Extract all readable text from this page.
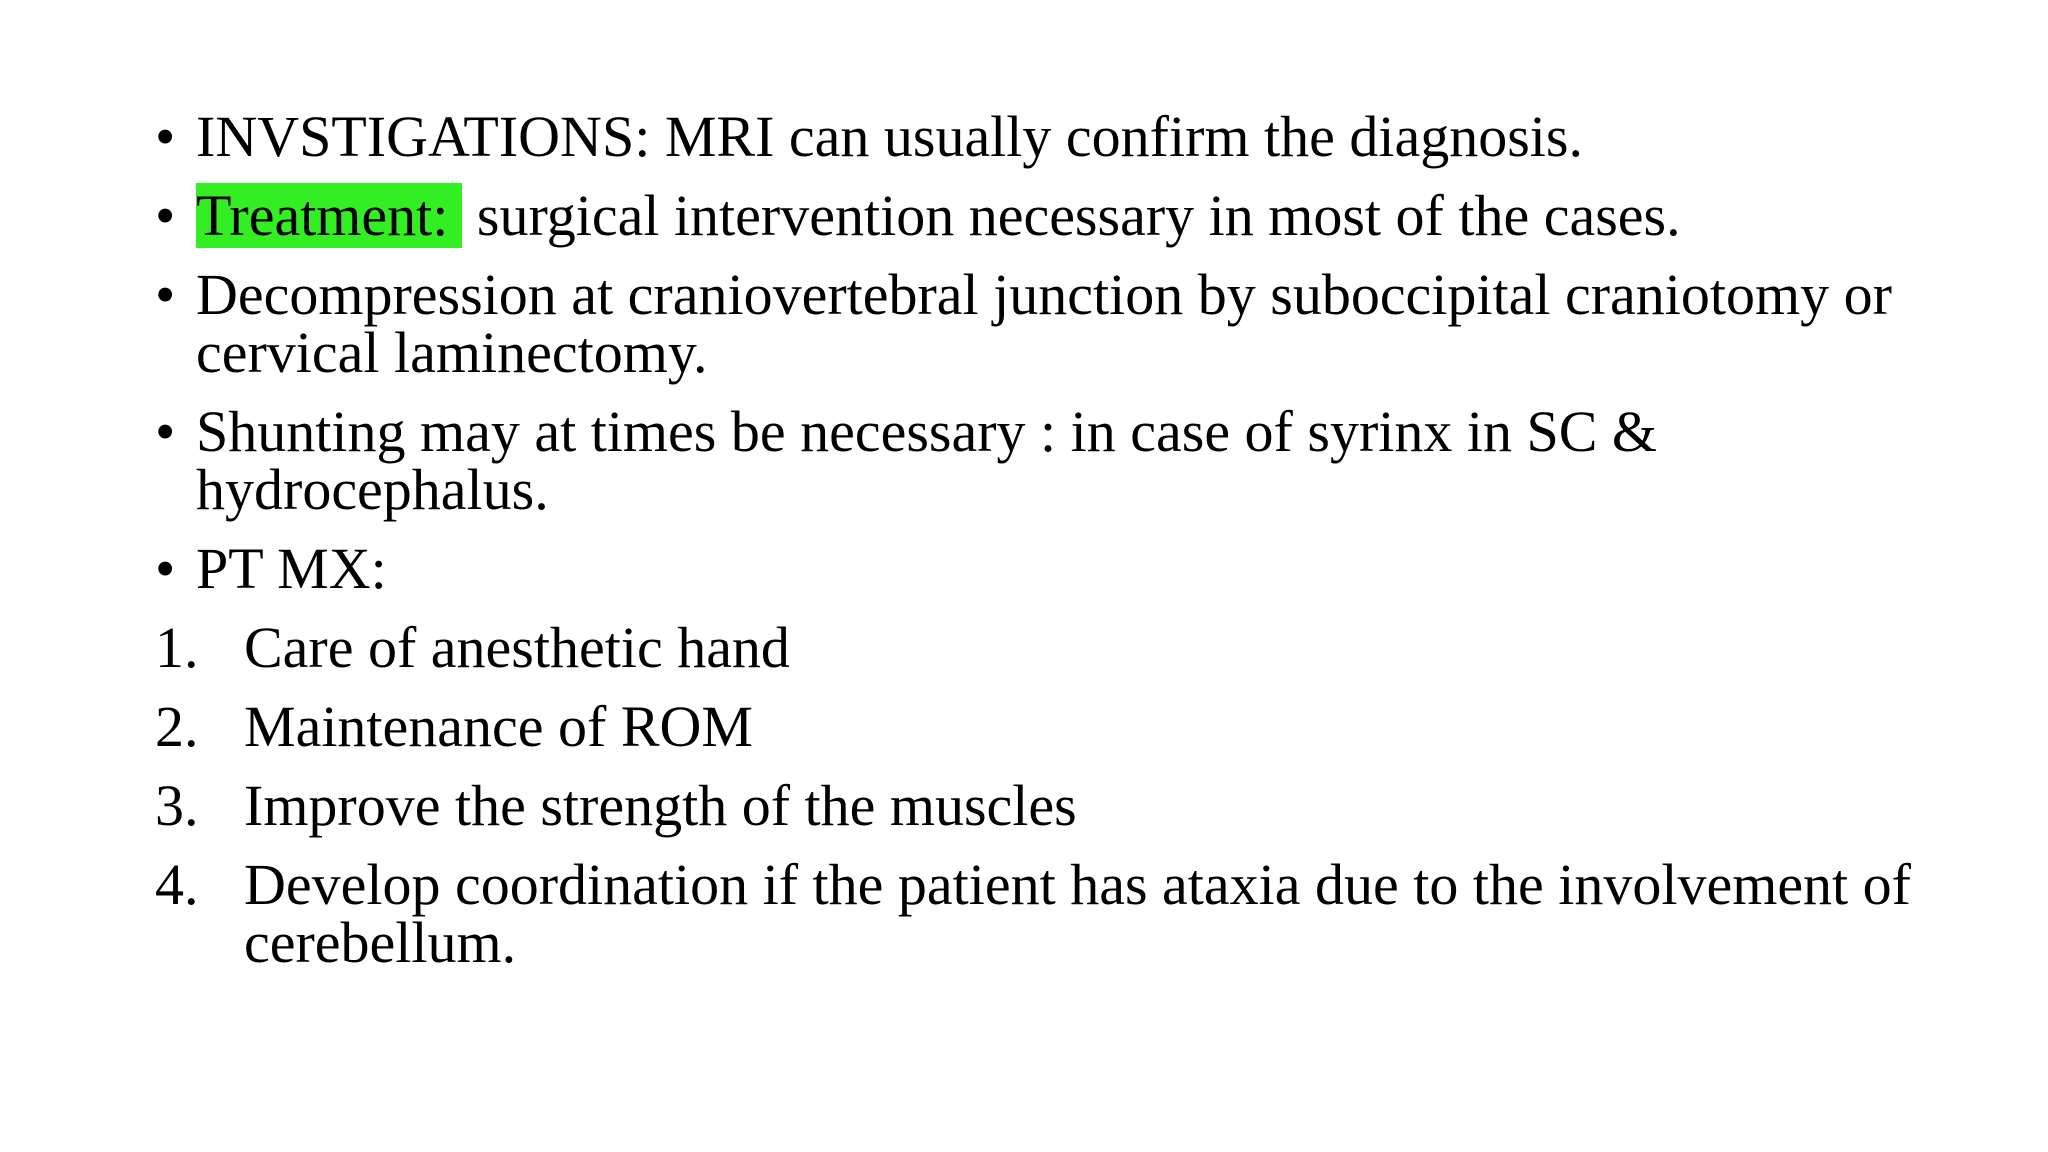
• INVSTIGATIONS: MRI can usually confirm the diagnosis.
• Treatment: surgical intervention necessary in most of the cases.
• Decompression at craniovertebral junction by suboccipital craniotomy or cervical laminectomy.
• Shunting may at times be necessary : in case of syrinx in SC & hydrocephalus.
• PT MX:
1. Care of anesthetic hand
2. Maintenance of ROM
3. Improve the strength of the muscles
4. Develop coordination if the patient has ataxia due to the involvement of cerebellum.
